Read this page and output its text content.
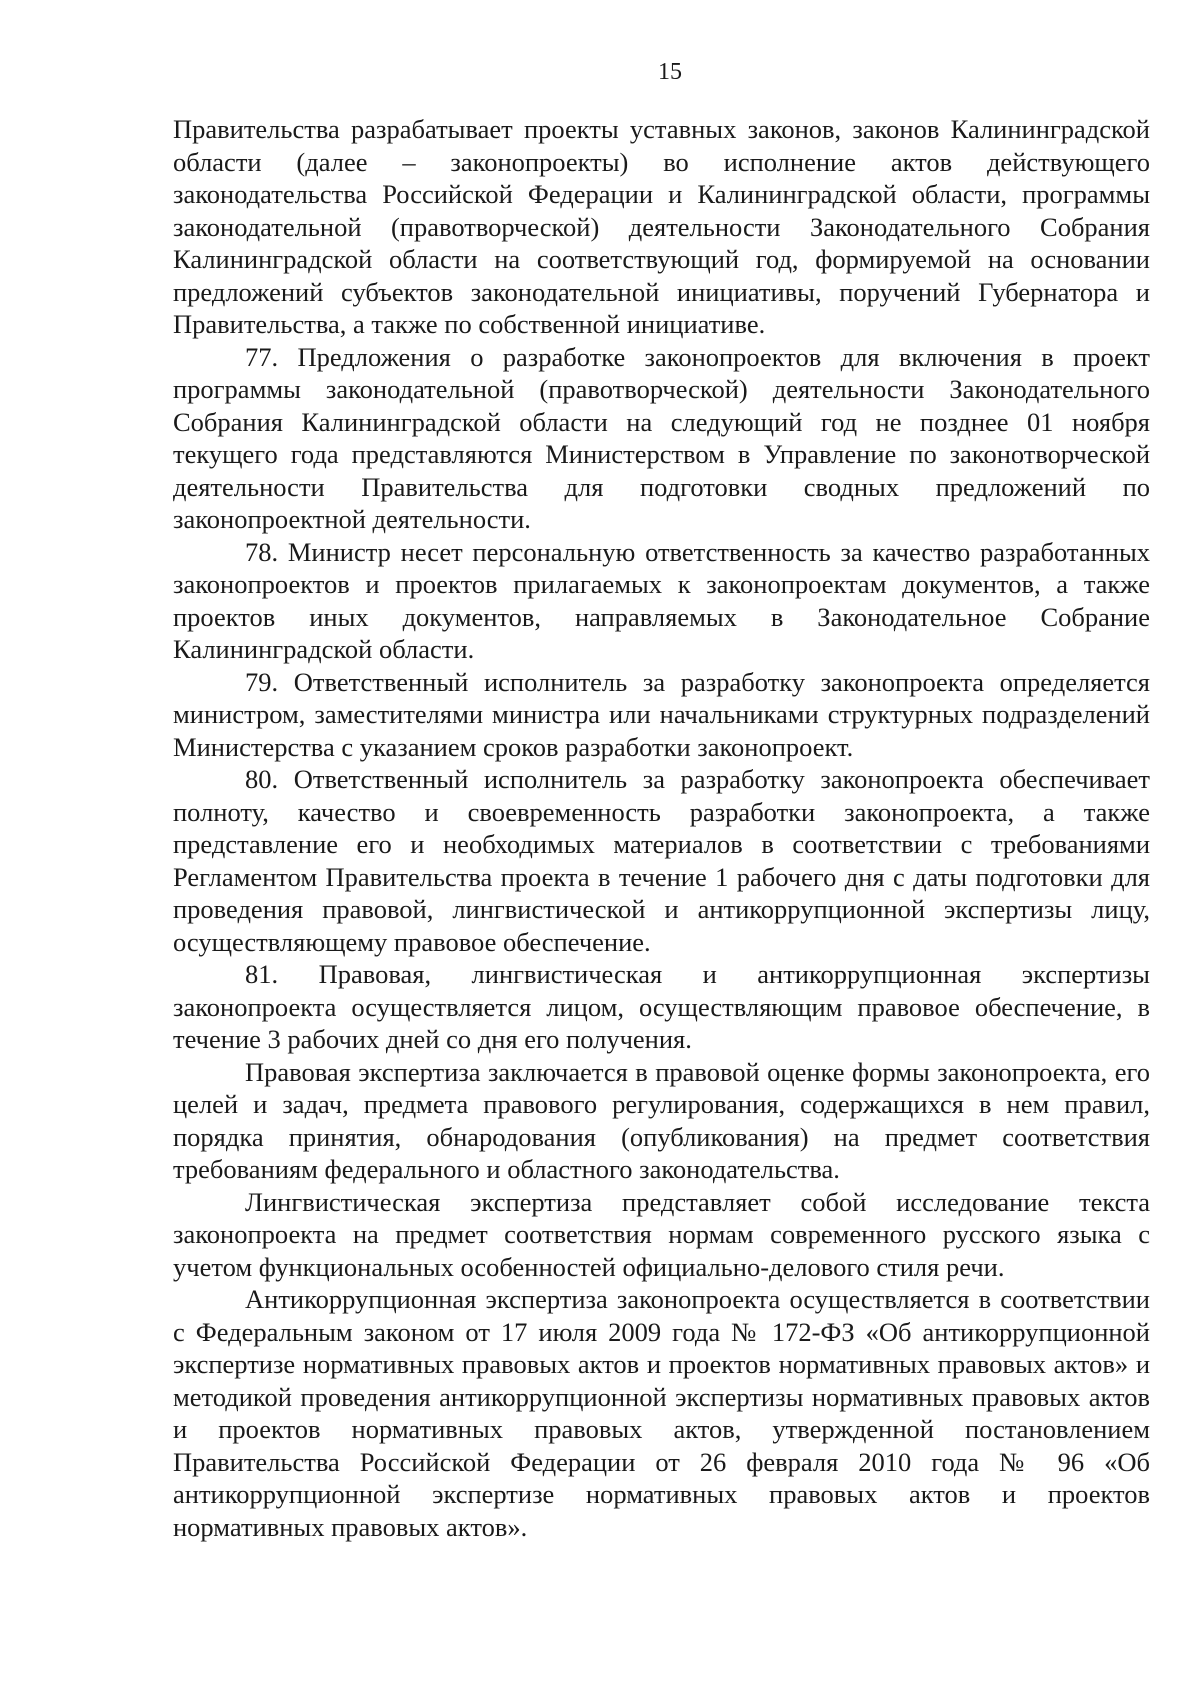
15

Правительства разрабатывает проекты уставных законов, законов Калининградской области (далее – законопроекты) во исполнение актов действующего законодательства Российской Федерации и Калининградской области, программы законодательной (правотворческой) деятельности Законодательного Собрания Калининградской области на соответствующий год, формируемой на основании предложений субъектов законодательной инициативы, поручений Губернатора и Правительства, а также по собственной инициативе.

77. Предложения о разработке законопроектов для включения в проект программы законодательной (правотворческой) деятельности Законодательного Собрания Калининградской области на следующий год не позднее 01 ноября текущего года представляются Министерством в Управление по законотворческой деятельности Правительства для подготовки сводных предложений по законопроектной деятельности.

78. Министр несет персональную ответственность за качество разработанных законопроектов и проектов прилагаемых к законопроектам документов, а также проектов иных документов, направляемых в Законодательное Собрание Калининградской области.

79. Ответственный исполнитель за разработку законопроекта определяется министром, заместителями министра или начальниками структурных подразделений Министерства с указанием сроков разработки законопроект.

80. Ответственный исполнитель за разработку законопроекта обеспечивает полноту, качество и своевременность разработки законопроекта, а также представление его и необходимых материалов в соответствии с требованиями Регламентом Правительства проекта в течение 1 рабочего дня с даты подготовки для проведения правовой, лингвистической и антикоррупционной экспертизы лицу, осуществляющему правовое обеспечение.

81. Правовая, лингвистическая и антикоррупционная экспертизы законопроекта осуществляется лицом, осуществляющим правовое обеспечение, в течение 3 рабочих дней со дня его получения.

Правовая экспертиза заключается в правовой оценке формы законопроекта, его целей и задач, предмета правового регулирования, содержащихся в нем правил, порядка принятия, обнародования (опубликования) на предмет соответствия требованиям федерального и областного законодательства.

Лингвистическая экспертиза представляет собой исследование текста законопроекта на предмет соответствия нормам современного русского языка с учетом функциональных особенностей официально-делового стиля речи.

Антикоррупционная экспертиза законопроекта осуществляется в соответствии с Федеральным законом от 17 июля 2009 года № 172-ФЗ «Об антикоррупционной экспертизе нормативных правовых актов и проектов нормативных правовых актов» и методикой проведения антикоррупционной экспертизы нормативных правовых актов и проектов нормативных правовых актов, утвержденной постановлением Правительства Российской Федерации от 26 февраля 2010 года № 96 «Об антикоррупционной экспертизе нормативных правовых актов и проектов нормативных правовых актов».
